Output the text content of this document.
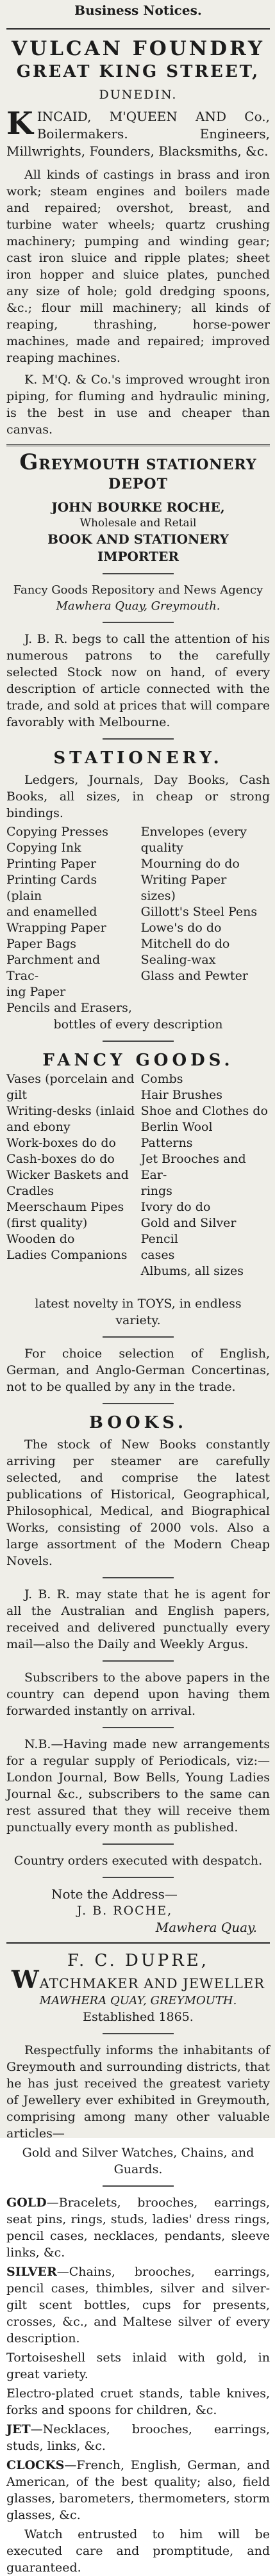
Business Notices.
VULCAN FOUNDRY
GREAT KING STREET,
DUNEDIN.
KINCAID, M'QUEEN AND Co., Boilermakers. Engineers, Millwrights, Founders, Blacksmiths, &c.

All kinds of castings in brass and iron work; steam engines and boilers made and repaired; overshot, breast, and turbine water wheels; quartz crushing machinery; pumping and winding gear; cast iron sluice and ripple plates; sheet iron hopper and sluice plates, punched any size of hole; gold dredging spoons, &c.; flour mill machinery; all kinds of reaping, thrashing, horse-power machines, made and repaired; improved reaping machines.

K. M'Q. & Co.'s improved wrought iron piping, for fluming and hydraulic mining, is the best in use and cheaper than canvas.

GREYMOUTH STATIONERY DEPOT
JOHN BOURKE ROCHE,
Wholesale and Retail
BOOK AND STATIONERY IMPORTER
Fancy Goods Repository and News Agency
Mawhera Quay, Greymouth.

J. B. R. begs to call the attention of his numerous patrons to the carefully selected Stock now on hand, of every description of article connected with the trade, and sold at prices that will compare favorably with Melbourne.

STATIONERY.

Ledgers, Journals, Day Books, Cash Books, all sizes, in cheap or strong bindings.

Copying Presses
Copying Ink
Printing Paper
Printing Cards (plain
and enamelled
Wrapping Paper
Paper Bags
Parchment and Trac-
ing Paper
Pencils and Erasers,
Envelopes (every
quality
Mourning do do
Writing Paper
sizes)
Gillott's Steel Pens
Lowe's do do
Mitchell do do
Sealing-wax
Glass and Pewter
bottles of every description
FANCY GOODS.
Vases (porcelain and
gilt
Writing-desks (inlaid
and ebony
Work-boxes do do
Cash-boxes do do
Wicker Baskets and
Cradles
Meerschaum Pipes
(first quality)
Wooden do
Ladies Companions
Combs
Hair Brushes
Shoe and Clothes do
Berlin Wool
Patterns
Jet Brooches and Ear-
rings
Ivory do do
Gold and Silver Pencil
cases
Albums, all sizes

latest novelty in TOYS, in endless variety.

For choice selection of English, German, and Anglo-German Concertinas, not to be qualled by any in the trade.

BOOKS.

The stock of New Books constantly arriving per steamer are carefully selected, and comprise the latest publications of Historical, Geographical, Philosophical, Medical, and Biographical Works, consisting of 2000 vols. Also a large assortment of the Modern Cheap Novels.

J. B. R. may state that he is agent for all the Australian and English papers, received and delivered punctually every mail—also the Daily and Weekly Argus.

Subscribers to the above papers in the country can depend upon having them forwarded instantly on arrival.

N.B.—Having made new arrangements for a regular supply of Periodicals, viz:—London Journal, Bow Bells, Young Ladies Journal &c., subscribers to the same can rest assured that they will receive them punctually every month as published.

Country orders executed with despatch.
Note the Address—
J. B. ROCHE,
Mawhera Quay.
F. C. DUPRE,
WATCHMAKER AND JEWELLER
MAWHERA QUAY, GREYMOUTH.
Established 1865.

Respectfully informs the inhabitants of Greymouth and surrounding districts, that he has just received the greatest variety of Jewellery ever exhibited in Greymouth, comprising among many other valuable articles—

Gold and Silver Watches, Chains, and Guards.

GOLD—Bracelets, brooches, earrings, seat pins, rings, studs, ladies' dress rings, pencil cases, necklaces, pendants, sleeve links, &c.

SILVER—Chains, brooches, earrings, pencil cases, thimbles, silver and silver-gilt scent bottles, cups for presents, crosses, &c., and Maltese silver of every description.

Tortoiseshell sets inlaid with gold, in great variety.

Electro-plated cruet stands, table knives, forks and spoons for children, &c.

JET—Necklaces, brooches, earrings, studs, links, &c.

CLOCKS—French, English, German, and American, of the best quality; also, field glasses, barometers, thermometers, storm glasses, &c.

Watch entrusted to him will be executed care and promptitude, and guaranteed.
